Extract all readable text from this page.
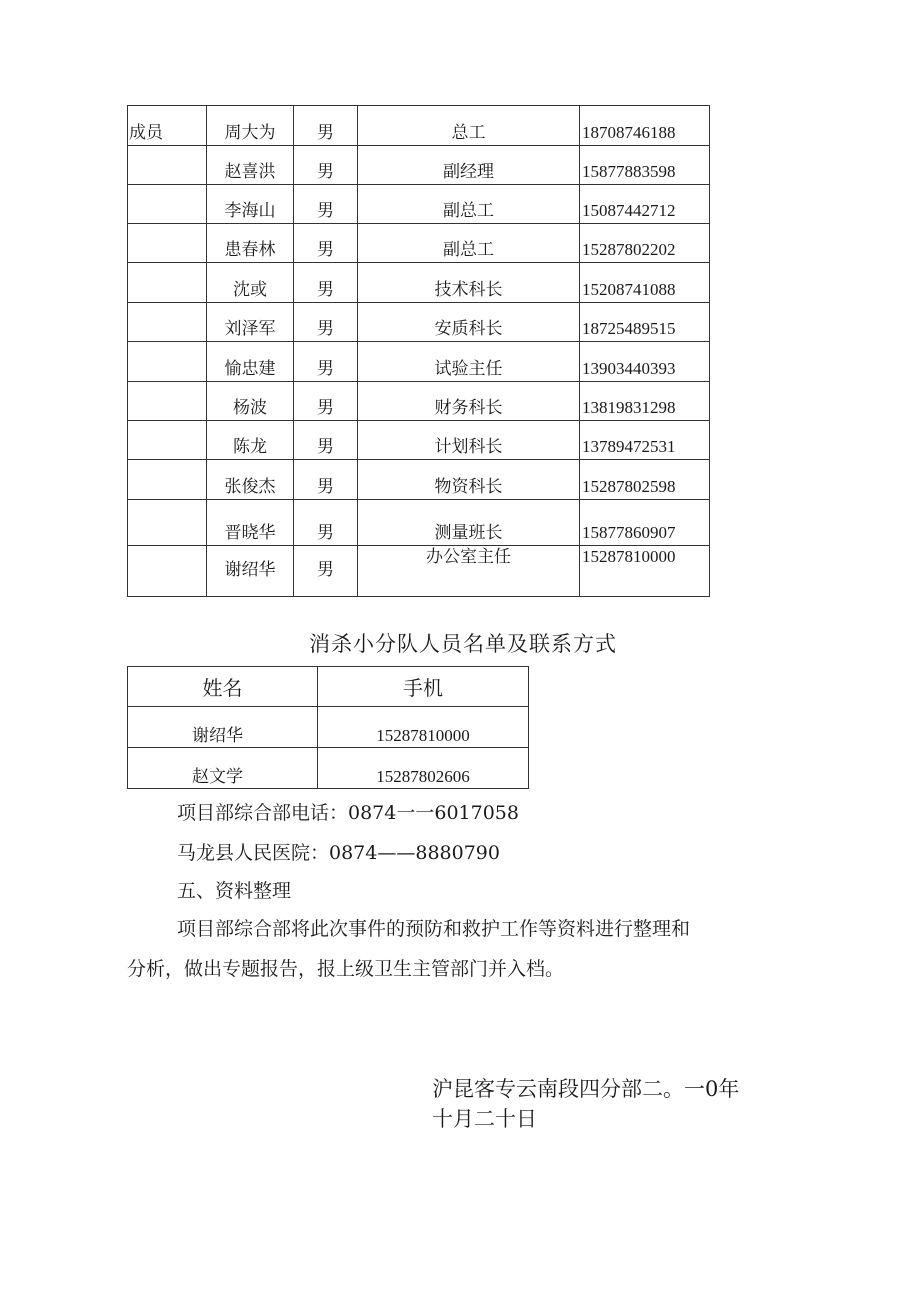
成员	周大为	男	总工	18708746188
	赵喜洪	男	副经理	15877883598
	李海山	男	副总工	15087442712
	患春林	男	副总工	15287802202
	沈或	男	技术科长	15208741088
	刘泽军	男	安质科长	18725489515
	愉忠建	男	试验主任	13903440393
	杨波	男	财务科长	13819831298
	陈龙	男	计划科长	13789472531
	张俊杰	男	物资科长	15287802598
	晋晓华	男	测量班长	15877860907
	谢绍华	男	办公室主任	15287810000
消杀小分队人员名单及联系方式
姓名	手机
谢绍华	15287810000
赵文学	15287802606
项目部综合部电话：0874一一6017058
马龙县人民医院：0874——8880790
五、资料整理
项目部综合部将此次事件的预防和救护工作等资料进行整理和
分析，做出专题报告，报上级卫生主管部门并入档。
沪昆客专云南段四分部二。一0年
十月二十日
